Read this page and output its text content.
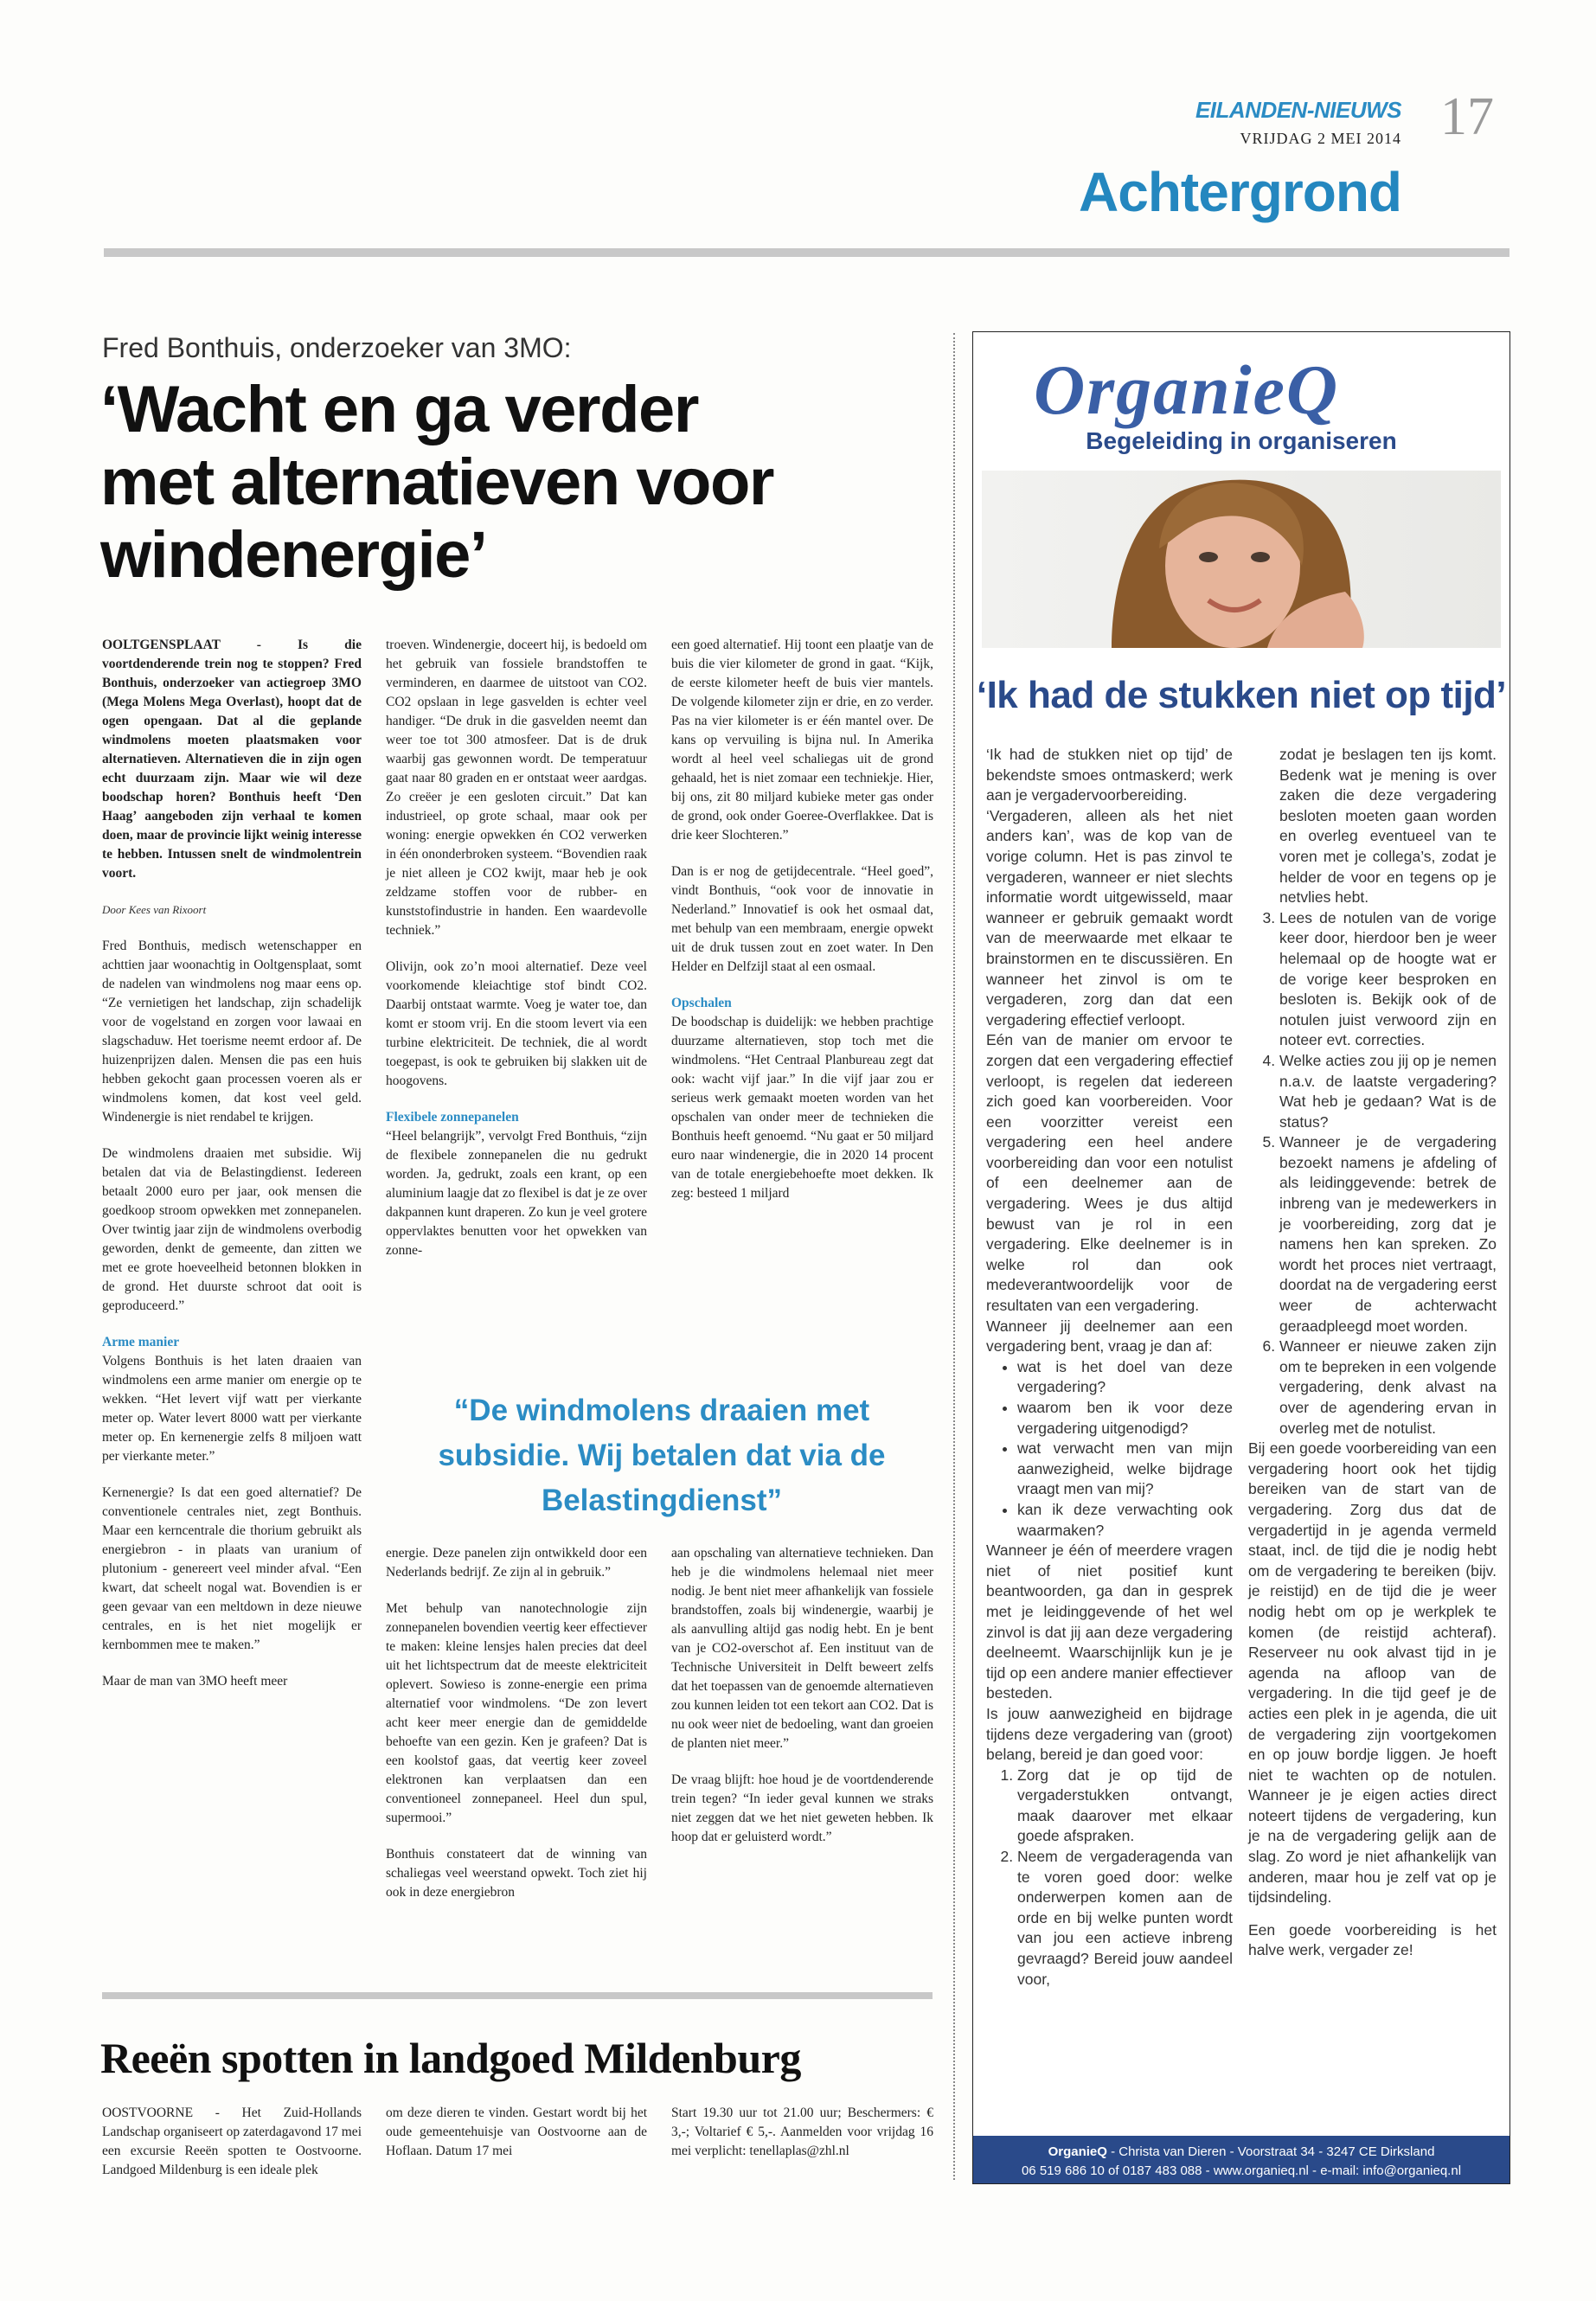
EILANDEN-NIEUWS
VRIJDAG 2 MEI 2014 17
Achtergrond
Fred Bonthuis, onderzoeker van 3MO:
‘Wacht en ga verder
met alternatieven voor
windenergie’

OOLTGENSPLAAT - Is die voortdenderende trein nog te stoppen? Fred Bonthuis, onderzoeker van actiegroep 3MO (Mega Molens Mega Overlast), hoopt dat de ogen opengaan. Dat al die geplande windmolens moeten plaatsmaken voor alternatieven. Alternatieven die in zijn ogen echt duurzaam zijn. Maar wie wil deze boodschap horen? Bonthuis heeft ‘Den Haag’ aangeboden zijn verhaal te komen doen, maar de provincie lijkt weinig interesse te hebben. Intussen snelt de windmolentrein voort.

Door Kees van Rixoort

Fred Bonthuis, medisch wetenschapper en achttien jaar woonachtig in Ooltgensplaat, somt de nadelen van windmolens nog maar eens op. “Ze vernietigen het landschap, zijn schadelijk voor de vogelstand en zorgen voor lawaai en slagschaduw. Het toerisme neemt erdoor af. De huizenprijzen dalen. Mensen die pas een huis hebben gekocht gaan processen voeren als er windmolens komen, dat kost veel geld. Windenergie is niet rendabel te krijgen.

De windmolens draaien met subsidie. Wij betalen dat via de Belastingdienst. Iedereen betaalt 2000 euro per jaar, ook mensen die goedkoop stroom opwekken met zonnepanelen. Over twintig jaar zijn de windmolens overbodig geworden, denkt de gemeente, dan zitten we met ee grote hoeveelheid betonnen blokken in de grond. Het duurste schroot dat ooit is geproduceerd.”

Arme manier

Volgens Bonthuis is het laten draaien van windmolens een arme manier om energie op te wekken. “Het levert vijf watt per vierkante meter op. Water levert 8000 watt per vierkante meter op. En kernenergie zelfs 8 miljoen watt per vierkante meter.”

Kernenergie? Is dat een goed alternatief? De conventionele centrales niet, zegt Bonthuis. Maar een kerncentrale die thorium gebruikt als energiebron - in plaats van uranium of plutonium - genereert veel minder afval. “Een kwart, dat scheelt nogal wat. Bovendien is er geen gevaar van een meltdown in deze nieuwe centrales, en is het niet mogelijk er kernbommen mee te maken.”

Maar de man van 3MO heeft meer

troeven. Windenergie, doceert hij, is bedoeld om het gebruik van fossiele brandstoffen te verminderen, en daarmee de uitstoot van CO2. CO2 opslaan in lege gasvelden is echter veel handiger. “De druk in die gasvelden neemt dan weer toe tot 300 atmosfeer. Dat is de druk waarbij gas gewonnen wordt. De temperatuur gaat naar 80 graden en er ontstaat weer aardgas. Zo creëer je een gesloten circuit.” Dat kan industrieel, op grote schaal, maar ook per woning: energie opwekken én CO2 verwerken in één ononderbroken systeem. “Bovendien raak je niet alleen je CO2 kwijt, maar heb je ook zeldzame stoffen voor de rubber- en kunststofindustrie in handen. Een waardevolle techniek.”

Olivijn, ook zo’n mooi alternatief. Deze veel voorkomende kleiachtige stof bindt CO2. Daarbij ontstaat warmte. Voeg je water toe, dan komt er stoom vrij. En die stoom levert via een turbine elektriciteit. De techniek, die al wordt toegepast, is ook te gebruiken bij slakken uit de hoogovens.

Flexibele zonnepanelen

“Heel belangrijk”, vervolgt Fred Bonthuis, “zijn de flexibele zonnepanelen die nu gedrukt worden. Ja, gedrukt, zoals een krant, op een aluminium laagje dat zo flexibel is dat je ze over dakpannen kunt draperen. Zo kun je veel grotere oppervlaktes benutten voor het opwekken van zonne-

een goed alternatief. Hij toont een plaatje van de buis die vier kilometer de grond in gaat. “Kijk, de eerste kilometer heeft de buis vier mantels. De volgende kilometer zijn er drie, en zo verder. Pas na vier kilometer is er één mantel over. De kans op vervuiling is bijna nul. In Amerika wordt al heel veel schaliegas uit de grond gehaald, het is niet zomaar een techniekje. Hier, bij ons, zit 80 miljard kubieke meter gas onder de grond, ook onder Goeree-Overflakkee. Dat is drie keer Slochteren.”

Dan is er nog de getijdecentrale. “Heel goed”, vindt Bonthuis, “ook voor de innovatie in Nederland.” Innovatief is ook het osmaal dat, met behulp van een membraam, energie opwekt uit de druk tussen zout en zoet water. In Den Helder en Delfzijl staat al een osmaal.

Opschalen

De boodschap is duidelijk: we hebben prachtige duurzame alternatieven, stop toch met die windmolens. “Het Centraal Planbureau zegt dat ook: wacht vijf jaar.” In die vijf jaar zou er serieus werk gemaakt moeten worden van het opschalen van onder meer de technieken die Bonthuis heeft genoemd. “Nu gaat er 50 miljard euro naar windenergie, die in 2020 14 procent van de totale energiebehoefte moet dekken. Ik zeg: besteed 1 miljard

“De windmolens draaien met subsidie. Wij betalen dat via de Belastingdienst”

energie. Deze panelen zijn ontwikkeld door een Nederlands bedrijf. Ze zijn al in gebruik.”

Met behulp van nanotechnologie zijn zonnepanelen bovendien veertig keer effectiever te maken: kleine lensjes halen precies dat deel uit het lichtspectrum dat de meeste elektriciteit oplevert. Sowieso is zonne-energie een prima alternatief voor windmolens. “De zon levert acht keer meer energie dan de gemiddelde behoefte van een gezin. Ken je grafeen? Dat is een koolstof gaas, dat veertig keer zoveel elektronen kan verplaatsen dan een conventioneel zonnepaneel. Heel dun spul, supermooi.”

Bonthuis constateert dat de winning van schaliegas veel weerstand opwekt. Toch ziet hij ook in deze energiebron

aan opschaling van alternatieve technieken. Dan heb je die windmolens helemaal niet meer nodig. Je bent niet meer afhankelijk van fossiele brandstoffen, zoals bij windenergie, waarbij je als aanvulling altijd gas nodig hebt. En je bent van je CO2-overschot af. Een instituut van de Technische Universiteit in Delft beweert zelfs dat het toepassen van de genoemde alternatieven zou kunnen leiden tot een tekort aan CO2. Dat is nu ook weer niet de bedoeling, want dan groeien de planten niet meer.”

De vraag blijft: hoe houd je de voortdenderende trein tegen? “In ieder geval kunnen we straks niet zeggen dat we het niet geweten hebben. Ik hoop dat er geluisterd wordt.”

Reeën spotten in landgoed Mildenburg

OOSTVOORNE - Het Zuid-Hollands Landschap organiseert op zaterdagavond 17 mei een excursie Reeën spotten te Oostvoorne. Landgoed Mildenburg is een ideale plek

om deze dieren te vinden. Gestart wordt bij het oude gemeentehuisje van Oostvoorne aan de Hoflaan. Datum 17 mei

Start 19.30 uur tot 21.00 uur; Beschermers: € 3,-; Voltarief € 5,-. Aanmelden voor vrijdag 16 mei verplicht: tenellaplas@zhl.nl

OrganieQ
Begeleiding in organiseren
‘Ik had de stukken niet op tijd’

‘Ik had de stukken niet op tijd’ de bekendste smoes ontmaskerd; werk aan je vergadervoorbereiding.

‘Vergaderen, alleen als het niet anders kan’, was de kop van de vorige column. Het is pas zinvol te vergaderen, wanneer er niet slechts informatie wordt uitgewisseld, maar wanneer er gebruik gemaakt wordt van de meerwaarde met elkaar te brainstormen en te discussiëren. En wanneer het zinvol is om te vergaderen, zorg dan dat een vergadering effectief verloopt.

Eén van de manier om ervoor te zorgen dat een vergadering effectief verloopt, is regelen dat iedereen zich goed kan voorbereiden. Voor een voorzitter vereist een vergadering een heel andere voorbereiding dan voor een notulist of een deelnemer aan de vergadering. Wees je dus altijd bewust van je rol in een vergadering. Elke deelnemer is in welke rol dan ook medeverantwoordelijk voor de resultaten van een vergadering.

Wanneer jij deelnemer aan een vergadering bent, vraag je dan af:

• wat is het doel van deze vergadering?
• waarom ben ik voor deze vergadering uitgenodigd?
• wat verwacht men van mijn aanwezigheid, welke bijdrage vraagt men van mij?
• kan ik deze verwachting ook waarmaken?

Wanneer je één of meerdere vragen niet of niet positief kunt beantwoorden, ga dan in gesprek met je leidinggevende of het wel zinvol is dat jij aan deze vergadering deelneemt. Waarschijnlijk kun je je tijd op een andere manier effectiever besteden.

Is jouw aanwezigheid en bijdrage tijdens deze vergadering van (groot) belang, bereid je dan goed voor:

1. Zorg dat je op tijd de vergaderstukken ontvangt, maak daarover met elkaar goede afspraken.
2. Neem de vergaderagenda van te voren goed door: welke onderwerpen komen aan de orde en bij welke punten wordt van jou een actieve inbreng gevraagd? Bereid jouw aandeel voor,

zodat je beslagen ten ijs komt. Bedenk wat je mening is over zaken die deze vergadering besloten moeten gaan worden en overleg eventueel van te voren met je collega’s, zodat je helder de voor en tegens op je netvlies hebt.

3. Lees de notulen van de vorige keer door, hierdoor ben je weer helemaal op de hoogte wat er de vorige keer besproken en besloten is. Bekijk ook of de notulen juist verwoord zijn en noteer evt. correcties.
4. Welke acties zou jij op je nemen n.a.v. de laatste vergadering? Wat heb je gedaan? Wat is de status?
5. Wanneer je de vergadering bezoekt namens je afdeling of als leidinggevende: betrek de inbreng van je medewerkers in je voorbereiding, zorg dat je namens hen kan spreken. Zo wordt het proces niet vertraagt, doordat na de vergadering eerst weer de achterwacht geraadpleegd moet worden.
6. Wanneer er nieuwe zaken zijn om te bepreken in een volgende vergadering, denk alvast na over de agendering ervan in overleg met de notulist.

Bij een goede voorbereiding van een vergadering hoort ook het tijdig bereiken van de start van de vergadering. Zorg dus dat de vergadertijd in je agenda vermeld staat, incl. de tijd die je nodig hebt om de vergadering te bereiken (bijv. je reistijd) en de tijd die je weer nodig hebt om op je werkplek te komen (de reistijd achteraf). Reserveer nu ook alvast tijd in je agenda na afloop van de vergadering. In die tijd geef je de acties een plek in je agenda, die uit de vergadering zijn voortgekomen en op jouw bordje liggen. Je hoeft niet te wachten op de notulen. Wanneer je je eigen acties direct noteert tijdens de vergadering, kun je na de vergadering gelijk aan de slag. Zo word je niet afhankelijk van anderen, maar hou je zelf vat op je tijdsindeling.

Een goede voorbereiding is het halve werk, vergader ze!

OrganieQ - Christa van Dieren - Voorstraat 34 - 3247 CE Dirksland
06 519 686 10 of 0187 483 088 - www.organieq.nl - e-mail: info@organieq.nl
